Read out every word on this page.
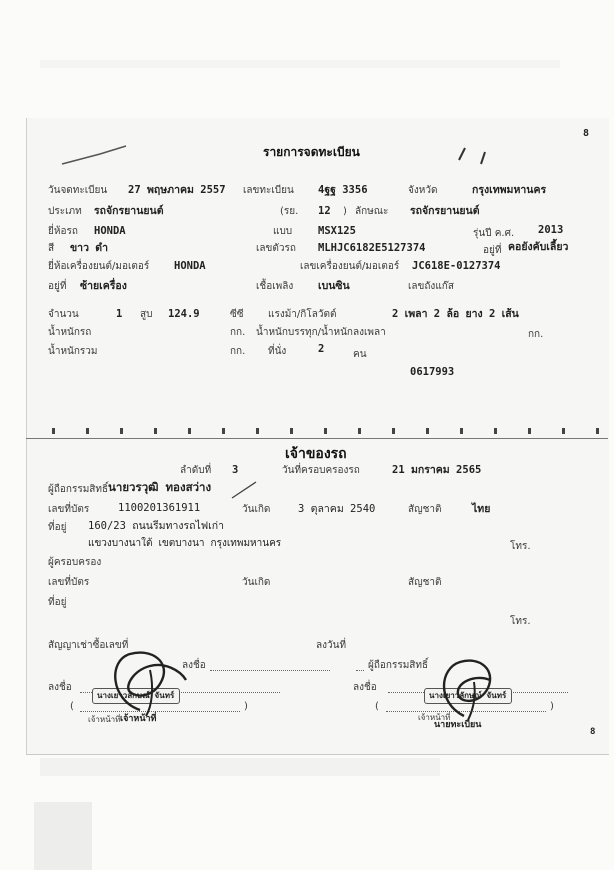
8
รายการจดทะเบียน
วันจดทะเบียน 27 พฤษภาคม 2557 เลขทะเบียน 4ฐฐ 3356	จังหวัด	กรุงเทพมหานคร
ประเภท รถจักรยานยนต์	(รย. 12 ) ลักษณะ รถจักรยานยนต์
ยี่ห้อรถ HONDA	แบบ MSX125	รุ่นปี ค.ศ. 2013
สี ขาว ดำ	เลขตัวรถ MLHJC6182E5127374	อยู่ที่ คอยังคับเลี้ยว
ยี่ห้อเครื่องยนต์/มอเตอร์ HONDA	เลขเครื่องยนต์/มอเตอร์ JC618E-0127374
อยู่ที่ ซ้ายเครื่อง	เชื้อเพลิง เบนซิน	เลขถังแก๊ส
จำนวน	1 สูบ 124.9	ซีซี แรงม้า/กิโลวัตต์	2 เพลา 2 ล้อ ยาง 2 เส้น
น้ำหนักรถ	กก. น้ำหนักบรรทุก/น้ำหนักลงเพลา	กก.
น้ำหนักรวม	กก. ที่นั่ง	2	คน
0617993
เจ้าของรถ
ลำดับที่ 3	วันที่ครอบครองรถ	21 มกราคม 2565
ผู้ถือกรรมสิทธิ์ นายวรวุฒิ ทองสว่าง
เลขที่บัตร	1100201361911	วันเกิด	3 ตุลาคม 2540	สัญชาติ	ไทย
ที่อยู่ 160/23 ถนนรีมทางรถไฟเก่า
แขวงบางนาใต้ เขตบางนา กรุงเทพมหานคร	โทร.
ผู้ครอบครอง
เลขที่บัตร	วันเกิด	สัญชาติ
ที่อยู่
โทร.
สัญญาเช่าซื้อเลขที่	ลงวันที่
ลงชื่อ	ผู้ถือกรรมสิทธิ์
ลงชื่อ	ลงชื่อ
(	)	(	)
นางเยาวลักษณ์ จันทร์
เจ้าหน้าที่
เจ้าหน้าที่
นางเยาวลักษณ์ จันทร์
นายทะเบียน
เจ้าหน้าที่
8
